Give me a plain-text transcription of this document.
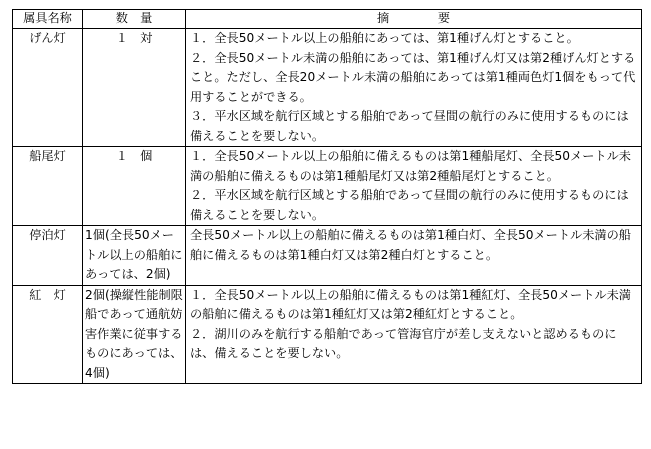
属具名称	数　量	摘　　　　要
げん灯	１　対	１．全長50メートル以上の船舶にあっては、第1種げん灯とすること。

２．全長50メートル未満の船舶にあっては、第1種げん灯又は第2種げん灯とすること。ただし、全長20メートル未満の船舶にあっては第1種両色灯1個をもって代用することができる。

３．平水区域を航行区域とする船舶であって昼間の航行のみに使用するものには備えることを要しない。

船尾灯	１　個	１．全長50メートル以上の船舶に備えるものは第1種船尾灯、全長50メートル未満の船舶に備えるものは第1種船尾灯又は第2種船尾灯とすること。

２．平水区域を航行区域とする船舶であって昼間の航行のみに使用するものには備えることを要しない。

停泊灯	1個(全長50メートル以上の船舶にあっては、2個)	全長50メートル以上の船舶に備えるものは第1種白灯、全長50メートル未満の船舶に備えるものは第1種白灯又は第2種白灯とすること。

紅　灯	2個(操縦性能制限船であって通航妨害作業に従事するものにあっては、4個)	１．全長50メートル以上の船舶に備えるものは第1種紅灯、全長50メートル未満の船舶に備えるものは第1種紅灯又は第2種紅灯とすること。

２．湖川のみを航行する船舶であって管海官庁が差し支えないと認めるものには、備えることを要しない。
